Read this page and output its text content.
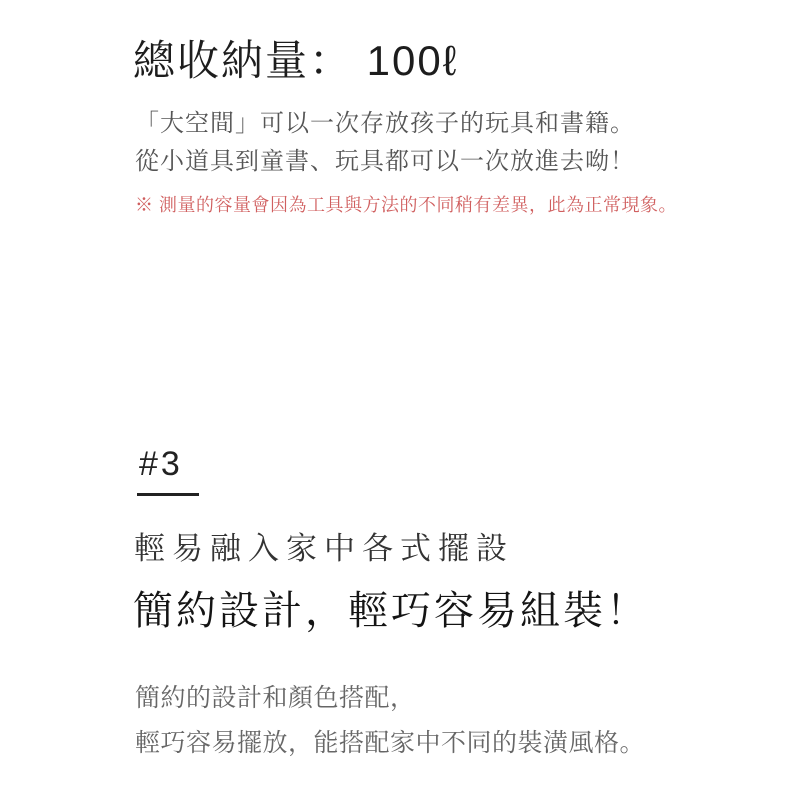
總收納量： 100ℓ

「大空間」可以一次存放孩子的玩具和書籍。

從小道具到童書、玩具都可以一次放進去呦！

※ 測量的容量會因為工具與方法的不同稍有差異，此為正常現象。

#3
輕易融入家中各式擺設
簡約設計，輕巧容易組裝！

簡約的設計和顏色搭配，

輕巧容易擺放，能搭配家中不同的裝潢風格。
